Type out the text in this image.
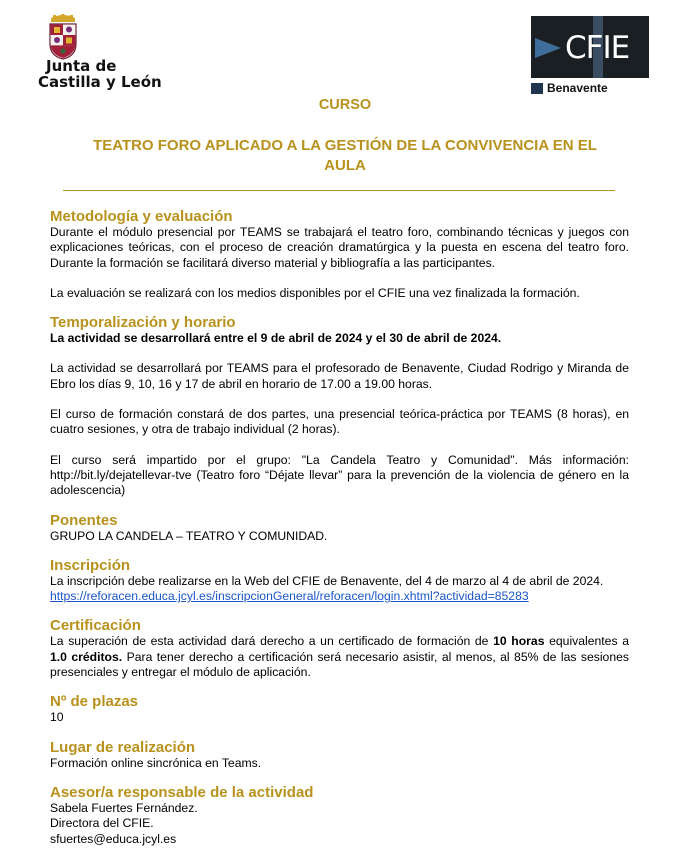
Junta de
Castilla y León
CFIE
Benavente
CURSO
TEATRO FORO APLICADO A LA GESTIÓN DE LA CONVIVENCIA EN EL AULA
Metodología y evaluación
Durante el módulo presencial por TEAMS se trabajará el teatro foro, combinando técnicas y juegos con explicaciones teóricas, con el proceso de creación dramatúrgica y la puesta en escena del teatro foro. Durante la formación se facilitará diverso material y bibliografía a las participantes.
La evaluación se realizará con los medios disponibles por el CFIE una vez finalizada la formación.
Temporalización y horario
La actividad se desarrollará entre el 9 de abril de 2024 y el 30 de abril de 2024.
La actividad se desarrollará por TEAMS para el profesorado de Benavente, Ciudad Rodrigo y Miranda de Ebro los días 9, 10, 16 y 17 de abril en horario de 17.00 a 19.00 horas.
El curso de formación constará de dos partes, una presencial teórica-práctica por TEAMS (8 horas), en cuatro sesiones, y otra de trabajo individual (2 horas).
El curso será impartido por el grupo: "La Candela Teatro y Comunidad". Más información: http://bit.ly/dejatellevar-tve (Teatro foro “Déjate llevar” para la prevención de la violencia de género en la adolescencia)
Ponentes
GRUPO LA CANDELA – TEATRO Y COMUNIDAD.
Inscripción
La inscripción debe realizarse en la Web del CFIE de Benavente, del 4 de marzo al 4 de abril de 2024.
https://reforacen.educa.jcyl.es/inscripcionGeneral/reforacen/login.xhtml?actividad=85283
Certificación
La superación de esta actividad dará derecho a un certificado de formación de 10 horas equivalentes a 1.0 créditos. Para tener derecho a certificación será necesario asistir, al menos, al 85% de las sesiones presenciales y entregar el módulo de aplicación.
Nº de plazas
10
Lugar de realización
Formación online sincrónica en Teams.
Asesor/a responsable de la actividad
Sabela Fuertes Fernández.
Directora del CFIE.
sfuertes@educa.jcyl.es
